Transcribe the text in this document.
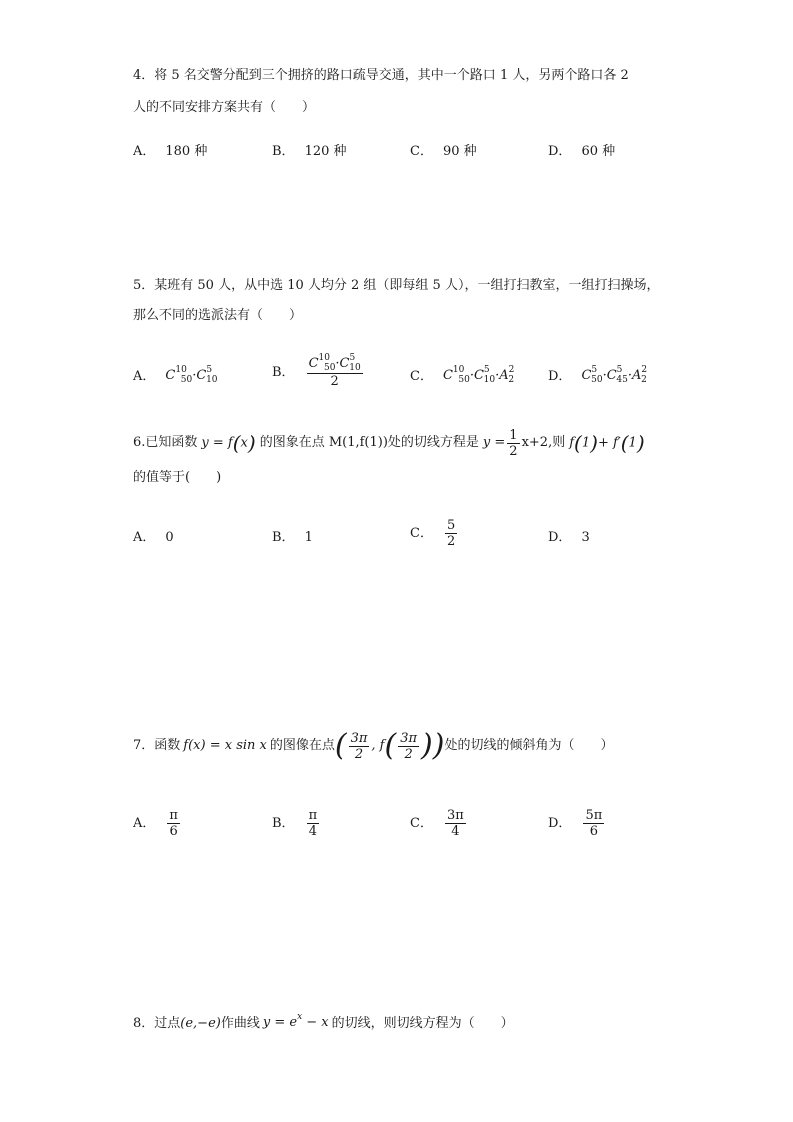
4．将 5 名交警分配到三个拥挤的路口疏导交通，其中一个路口 1 人，另两个路口各 2
人的不同安排方案共有（　　）
A． 180 种	B． 120 种	C． 90 种	D． 60 种
5．某班有 50 人，从中选 10 人均分 2 组（即每组 5 人），一组打扫教室，一组打扫操场，
那么不同的选派法有（　　）
A． $C^{10}_{50}\cdot C^5_{10}$
B． $\frac{C^{10}_{50}\cdot C^5_{10}}{2}$	C． $C^{10}_{50}\cdot C^5_{10}\cdot A^2_2$	D． $C^5_{50}\cdot C^5_{45}\cdot A^2_2$
6.已知函数 y = f(x) 的图象在点 M(1,f(1))处的切线方程是 $y = \frac{1}{2} x+2$,则 f(1)+ f′(1)
的值等于(　　)
A． 0	B． 1	C． $\frac{5}{2}$	D． 3
7．函数 f(x) = x sin x 的图像在点 ( $\frac{3\pi}{2}$ , f ( $\frac{3\pi}{2}$ ) ) 处的切线的倾斜角为（　　）
A． $\frac{\pi}{6}$	B． $\frac{\pi}{4}$	C． $\frac{3\pi}{4}$	D． $\frac{5\pi}{6}$
8．过点 (e,−e) 作曲线 $y = e^x - x$ 的切线，则切线方程为（　　）
